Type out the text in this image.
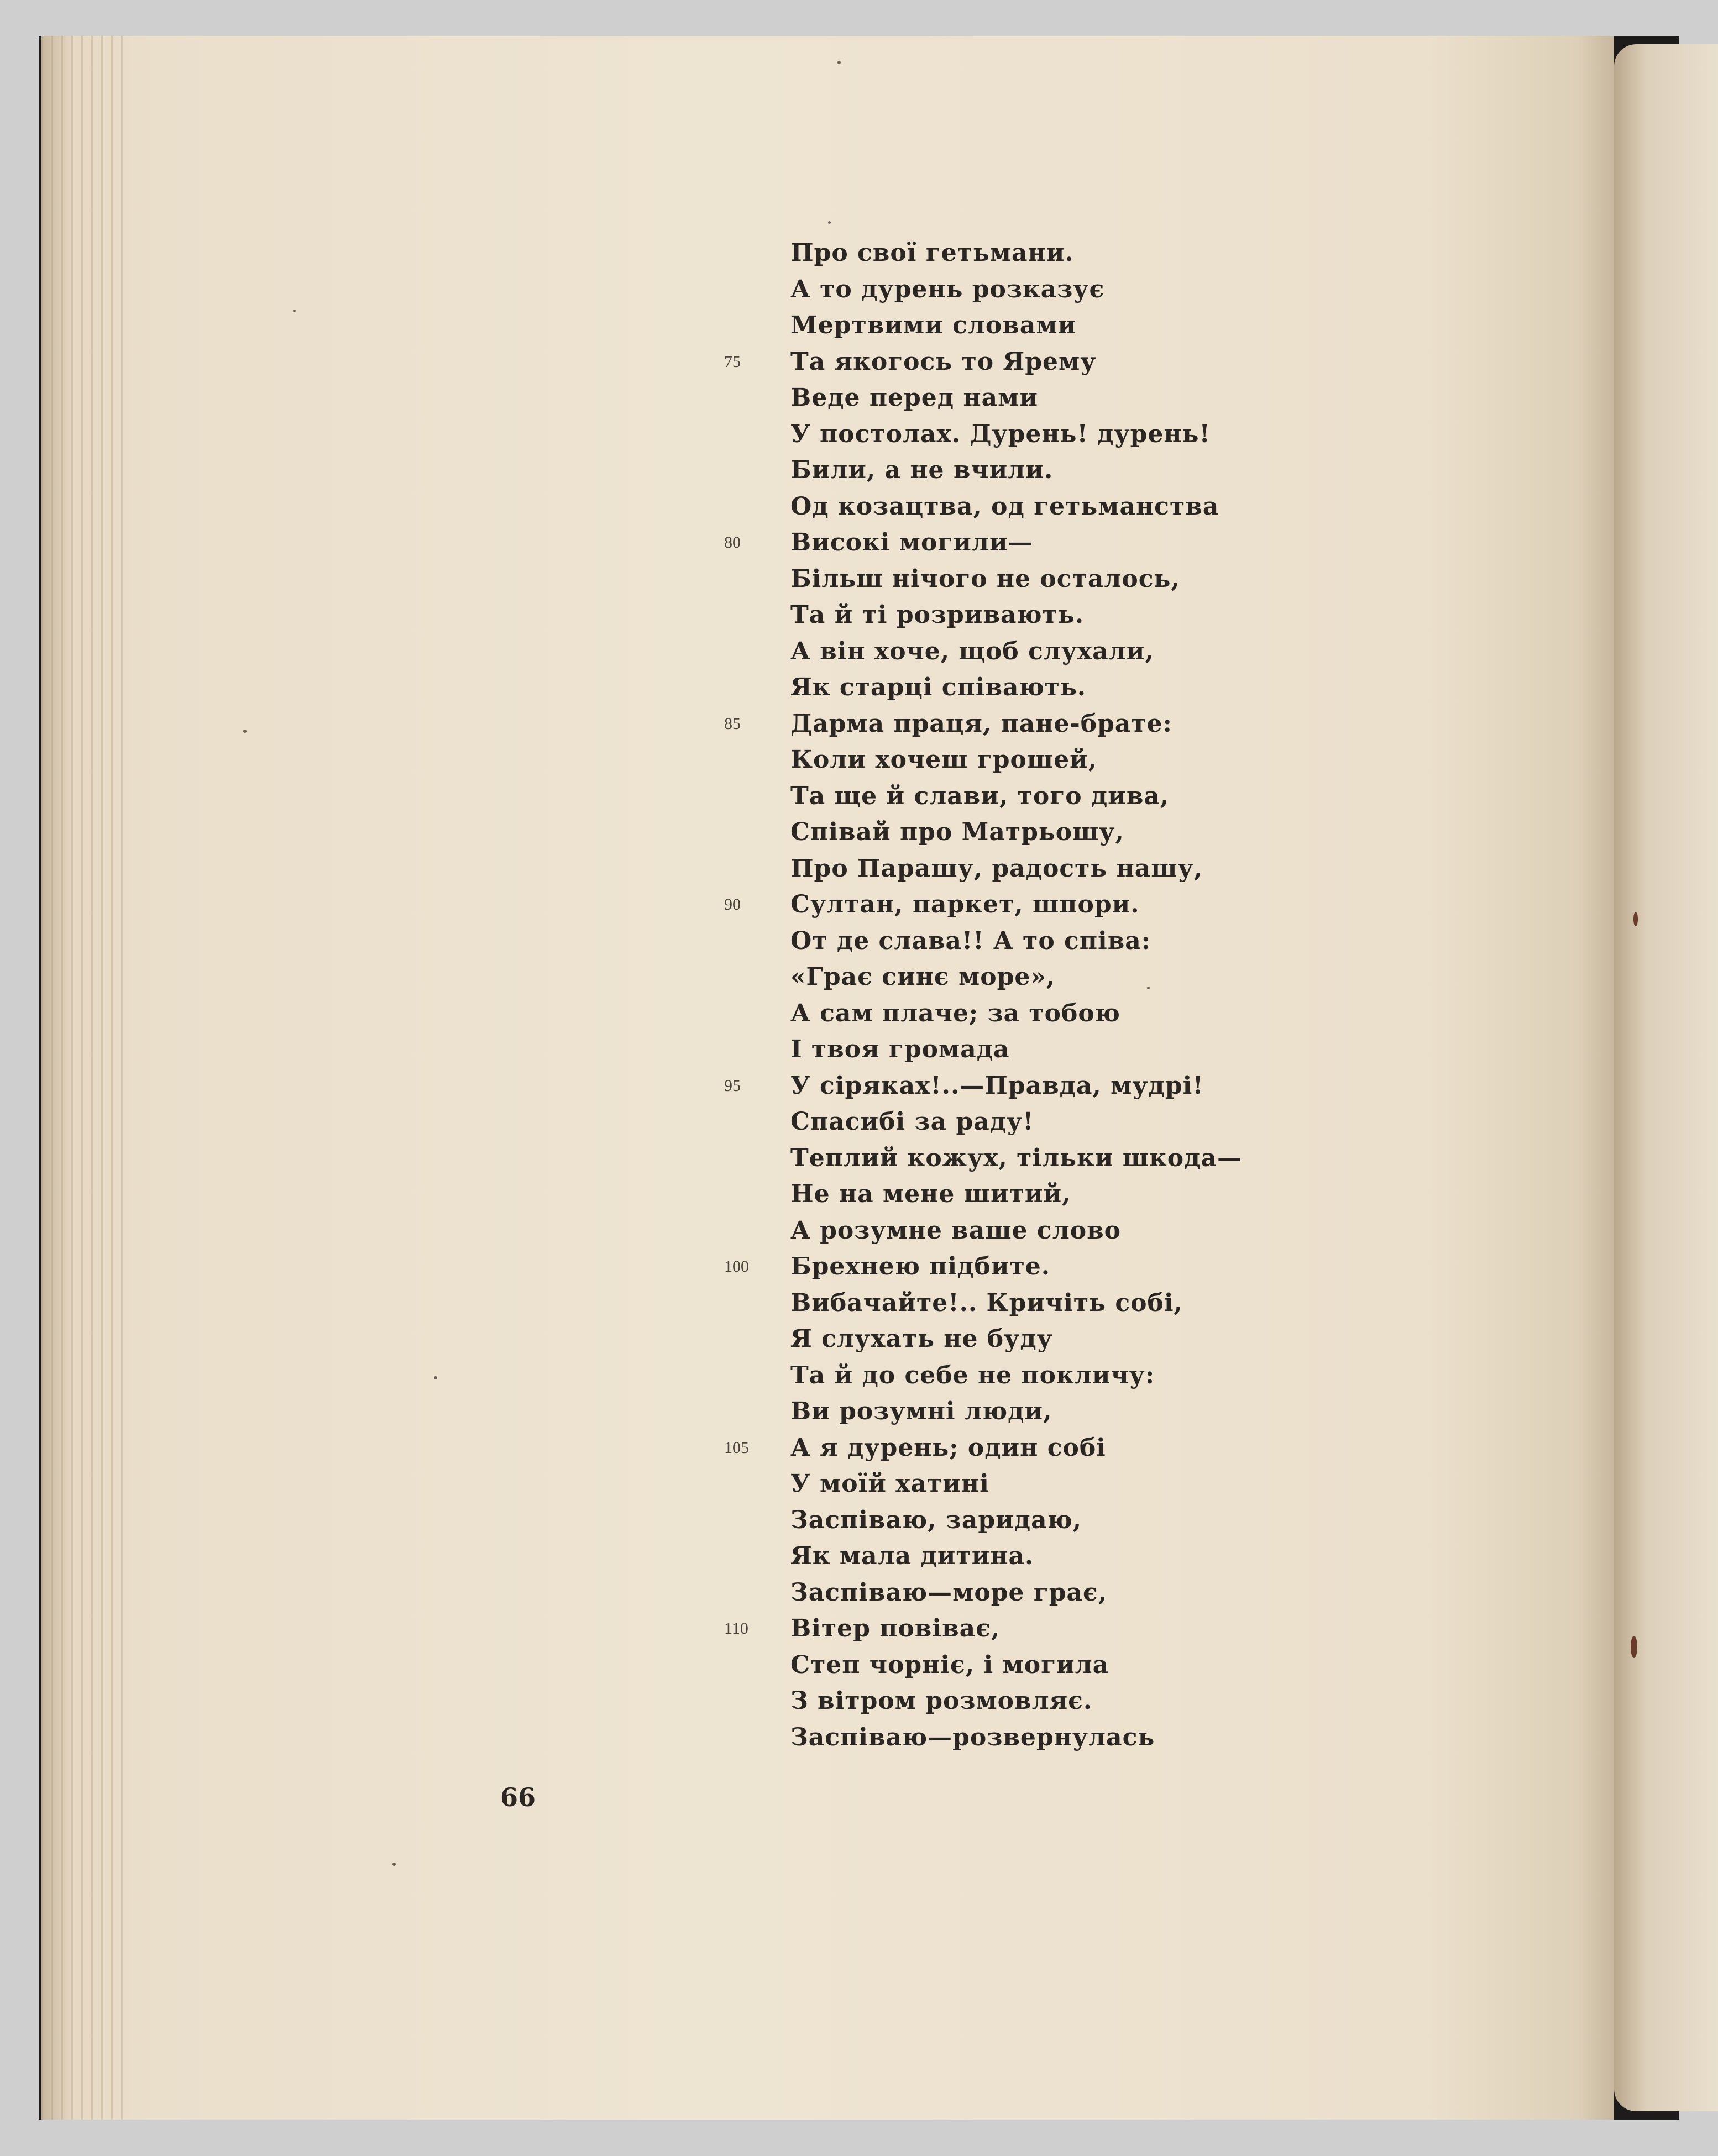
Про свої гетьмани.
А то дурень розказує
Мертвими словами
75	Та якогось то Ярему
Веде перед нами
У постолах. Дурень! дурень!
Били, а не вчили.
Од козацтва, од гетьманства
80	Високі могили—
Більш нічого не осталось,
Та й ті розривають.
А він хоче, щоб слухали,
Як старці співають.
85	Дарма праця, пане-брате:
Коли хочеш грошей,
Та ще й слави, того дива,
Співай про Матрьошу,
Про Парашу, радость нашу,
90	Султан, паркет, шпори.
От де слава!! А то співа:
«Грає синє море»,
А сам плаче; за тобою
І твоя громада
95	У сіряках!..—Правда, мудрі!
Спасибі за раду!
Теплий кожух, тільки шкода—
Не на мене шитий,
А розумне ваше слово
100	Брехнею підбите.
Вибачайте!.. Кричіть собі,
Я слухать не буду
Та й до себе не покличу:
Ви розумні люди,
105	А я дурень; один собі
У моїй хатині
Заспіваю, заридаю,
Як мала дитина.
Заспіваю—море грає,
110	Вітер повіває,
Степ чорніє, і могила
З вітром розмовляє.
Заспіваю—розвернулась
66
